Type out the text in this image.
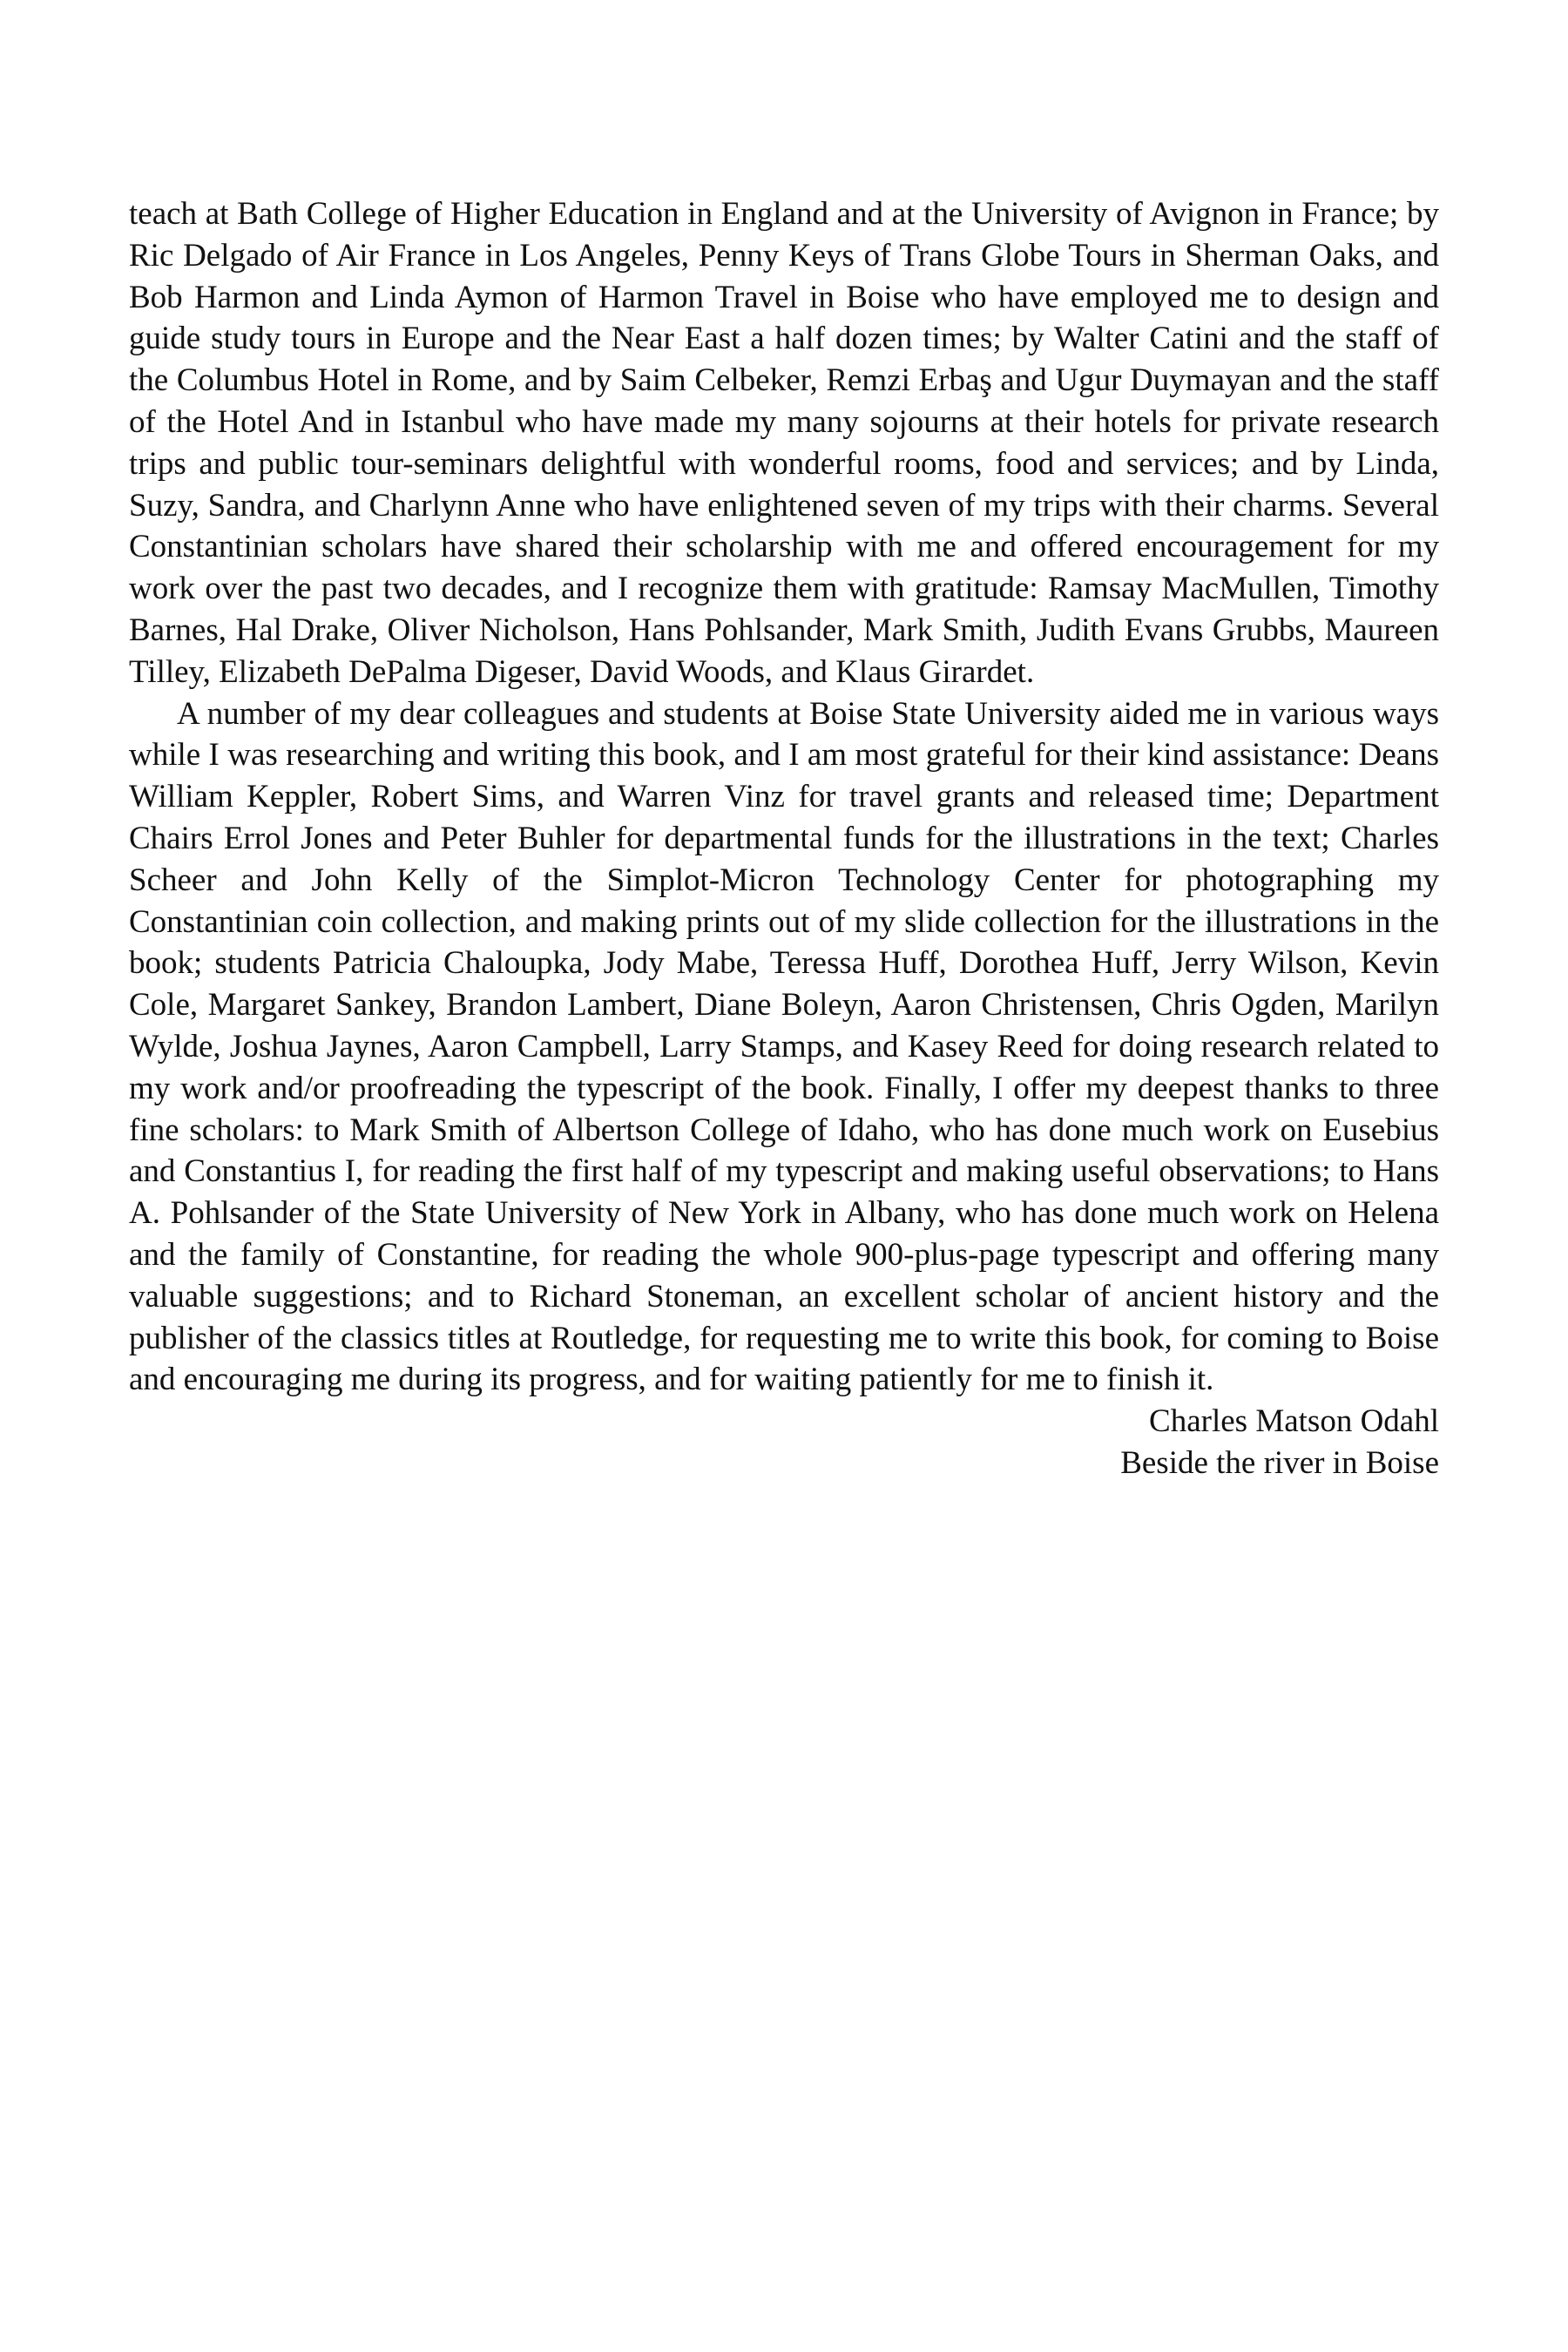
teach at Bath College of Higher Education in England and at the University of Avignon in France; by Ric Delgado of Air France in Los Angeles, Penny Keys of Trans Globe Tours in Sherman Oaks, and Bob Harmon and Linda Aymon of Harmon Travel in Boise who have employed me to design and guide study tours in Europe and the Near East a half dozen times; by Walter Catini and the staff of the Columbus Hotel in Rome, and by Saim Celbeker, Remzi Erbaş and Ugur Duymayan and the staff of the Hotel And in Istanbul who have made my many sojourns at their hotels for private research trips and public tour-seminars delightful with wonderful rooms, food and services; and by Linda, Suzy, Sandra, and Charlynn Anne who have enlightened seven of my trips with their charms. Several Constantinian scholars have shared their scholarship with me and offered encouragement for my work over the past two decades, and I recognize them with gratitude: Ramsay MacMullen, Timothy Barnes, Hal Drake, Oliver Nicholson, Hans Pohlsander, Mark Smith, Judith Evans Grubbs, Maureen Tilley, Elizabeth DePalma Digeser, David Woods, and Klaus Girardet.

A number of my dear colleagues and students at Boise State University aided me in various ways while I was researching and writing this book, and I am most grateful for their kind assistance: Deans William Keppler, Robert Sims, and Warren Vinz for travel grants and released time; Department Chairs Errol Jones and Peter Buhler for departmental funds for the illustrations in the text; Charles Scheer and John Kelly of the Simplot-Micron Technology Center for photographing my Constantinian coin collection, and making prints out of my slide collection for the illustrations in the book; students Patricia Chaloupka, Jody Mabe, Teressa Huff, Dorothea Huff, Jerry Wilson, Kevin Cole, Margaret Sankey, Brandon Lambert, Diane Boleyn, Aaron Christensen, Chris Ogden, Marilyn Wylde, Joshua Jaynes, Aaron Campbell, Larry Stamps, and Kasey Reed for doing research related to my work and/or proofreading the typescript of the book. Finally, I offer my deepest thanks to three fine scholars: to Mark Smith of Albertson College of Idaho, who has done much work on Eusebius and Constantius I, for reading the first half of my typescript and making useful observations; to Hans A. Pohlsander of the State University of New York in Albany, who has done much work on Helena and the family of Constantine, for reading the whole 900-plus-page typescript and offering many valuable suggestions; and to Richard Stoneman, an excellent scholar of ancient history and the publisher of the classics titles at Routledge, for requesting me to write this book, for coming to Boise and encouraging me during its progress, and for waiting patiently for me to finish it.

Charles Matson Odahl
Beside the river in Boise
